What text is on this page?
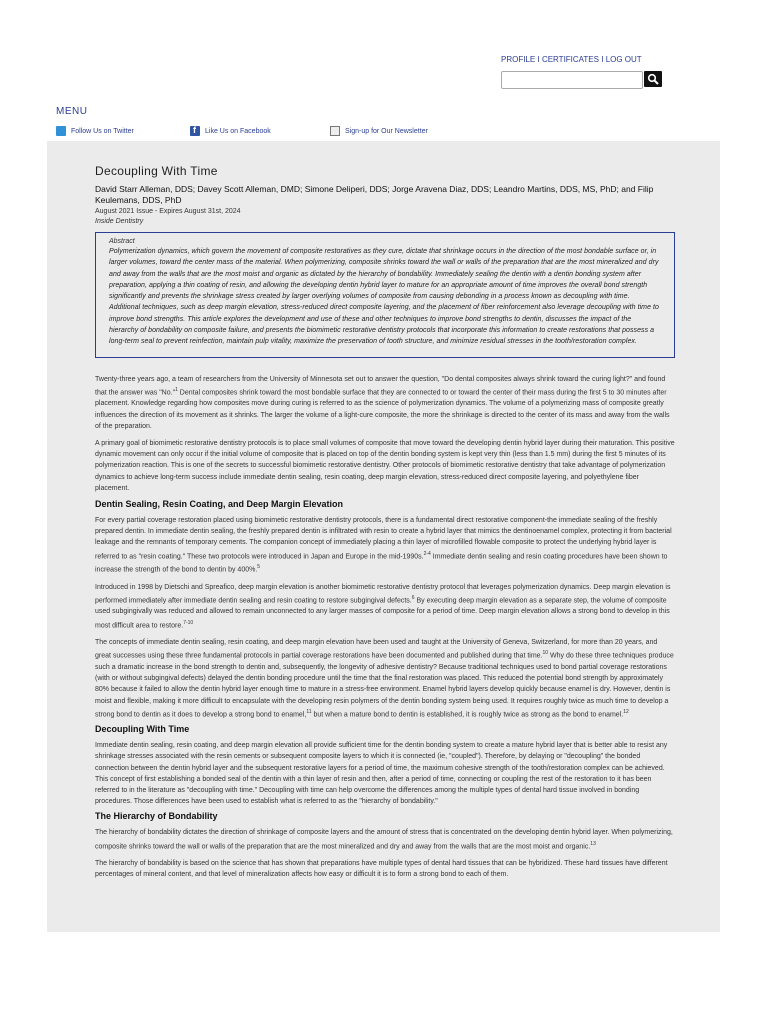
PROFILE I CERTIFICATES I LOG OUT
MENU
Follow Us on Twitter
f	Like Us on Facebook	Sign-up for Our Newsletter
Decoupling With Time

David Starr Alleman, DDS; Davey Scott Alleman, DMD; Simone Deliperi, DDS; Jorge Aravena Diaz, DDS; Leandro Martins, DDS, MS, PhD; and Filip Keulemans, DDS, PhD

August 2021 Issue - Expires August 31st, 2024
Inside Dentistry
Abstract
Polymerization dynamics, which govern the movement of composite restoratives as they cure, dictate that shrinkage occurs in the direction of the most bondable surface or, in larger volumes, toward the center mass of the material. When polymerizing, composite shrinks toward the wall or walls of the preparation that are the most mineralized and dry and away from the walls that are the most moist and organic as dictated by the hierarchy of bondability. Immediately sealing the dentin with a dentin bonding system after preparation, applying a thin coating of resin, and allowing the developing dentin hybrid layer to mature for an appropriate amount of time improves the overall bond strength significantly and prevents the shrinkage stress created by larger overlying volumes of composite from causing debonding in a process known as decoupling with time. Additional techniques, such as deep margin elevation, stress-reduced direct composite layering, and the placement of fiber reinforcement also leverage decoupling with time to improve bond strengths. This article explores the development and use of these and other techniques to improve bond strengths to dentin, discusses the impact of the hierarchy of bondability on composite failure, and presents the biomimetic restorative dentistry protocols that incorporate this information to create restorations that possess a long-term seal to prevent reinfection, maintain pulp vitality, maximize the preservation of tooth structure, and minimize residual stresses in the tooth/restoration complex.

Twenty-three years ago, a team of researchers from the University of Minnesota set out to answer the question, "Do dental composites always shrink toward the curing light?" and found that the answer was "No."$^1$ Dental composites shrink toward the most bondable surface that they are connected to or toward the center of their mass during the first 5 to 30 minutes after placement. Knowledge regarding how composites move during curing is referred to as the science of polymerization dynamics. The volume of a polymerizing mass of composite greatly influences the direction of its movement as it shrinks. The larger the volume of a light-cure composite, the more the shrinkage is directed to the center of its mass and away from the walls of the preparation.

A primary goal of biomimetic restorative dentistry protocols is to place small volumes of composite that move toward the developing dentin hybrid layer during their maturation. This positive dynamic movement can only occur if the initial volume of composite that is placed on top of the dentin bonding system is kept very thin (less than 1.5 mm) during the first 5 minutes of its polymerization reaction. This is one of the secrets to successful biomimetic restorative dentistry. Other protocols of biomimetic restorative dentistry that take advantage of polymerization dynamics to achieve long-term success include immediate dentin sealing, resin coating, deep margin elevation, stress-reduced direct composite layering, and polyethylene fiber placement.

Dentin Sealing, Resin Coating, and Deep Margin Elevation

For every partial coverage restoration placed using biomimetic restorative dentistry protocols, there is a fundamental direct restorative component-the immediate sealing of the freshly prepared dentin. In immediate dentin sealing, the freshly prepared dentin is infiltrated with resin to create a hybrid layer that mimics the dentinoenamel complex, protecting it from bacterial leakage and the remnants of temporary cements. The companion concept of immediately placing a thin layer of microfilled flowable composite to protect the underlying hybrid layer is referred to as "resin coating." These two protocols were introduced in Japan and Europe in the mid-1990s.$^{2-4}$ Immediate dentin sealing and resin coating procedures have been shown to increase the strength of the bond to dentin by 400%.$^5$

Introduced in 1998 by Dietschi and Spreafico, deep margin elevation is another biomimetic restorative dentistry protocol that leverages polymerization dynamics. Deep margin elevation is performed immediately after immediate dentin sealing and resin coating to restore subgingival defects.$^6$ By executing deep margin elevation as a separate step, the volume of composite used subgingivally was reduced and allowed to remain unconnected to any larger masses of composite for a period of time. Deep margin elevation allows a strong bond to develop in this most difficult area to restore.$^{7-10}$

The concepts of immediate dentin sealing, resin coating, and deep margin elevation have been used and taught at the University of Geneva, Switzerland, for more than 20 years, and great successes using these three fundamental protocols in partial coverage restorations have been documented and published during that time.$^{10}$ Why do these three techniques produce such a dramatic increase in the bond strength to dentin and, subsequently, the longevity of adhesive dentistry? Because traditional techniques used to bond partial coverage restorations (with or without subgingival defects) delayed the dentin bonding procedure until the time that the final restoration was placed. This reduced the potential bond strength by approximately 80% because it failed to allow the dentin hybrid layer enough time to mature in a stress-free environment. Enamel hybrid layers develop quickly because enamel is dry. However, dentin is moist and flexible, making it more difficult to encapsulate with the developing resin polymers of the dentin bonding system being used. It requires roughly twice as much time to develop a strong bond to dentin as it does to develop a strong bond to enamel,$^{11}$ but when a mature bond to dentin is established, it is roughly twice as strong as the bond to enamel.$^{12}$

Decoupling With Time

Immediate dentin sealing, resin coating, and deep margin elevation all provide sufficient time for the dentin bonding system to create a mature hybrid layer that is better able to resist any shrinkage stresses associated with the resin cements or subsequent composite layers to which it is connected (ie, "coupled"). Therefore, by delaying or "decoupling" the bonded connection between the dentin hybrid layer and the subsequent restorative layers for a period of time, the maximum cohesive strength of the tooth/restoration complex can be achieved. This concept of first establishing a bonded seal of the dentin with a thin layer of resin and then, after a period of time, connecting or coupling the rest of the restoration to it has been referred to in the literature as "decoupling with time." Decoupling with time can help overcome the differences among the multiple types of dental hard tissue involved in bonding procedures. Those differences have been used to establish what is referred to as the "hierarchy of bondability."

The Hierarchy of Bondability

The hierarchy of bondability dictates the direction of shrinkage of composite layers and the amount of stress that is concentrated on the developing dentin hybrid layer. When polymerizing, composite shrinks toward the wall or walls of the preparation that are the most mineralized and dry and away from the walls that are the most moist and organic.$^{13}$

The hierarchy of bondability is based on the science that has shown that preparations have multiple types of dental hard tissues that can be hybridized. These hard tissues have different percentages of mineral content, and that level of mineralization affects how easy or difficult it is to form a strong bond to each of them.
